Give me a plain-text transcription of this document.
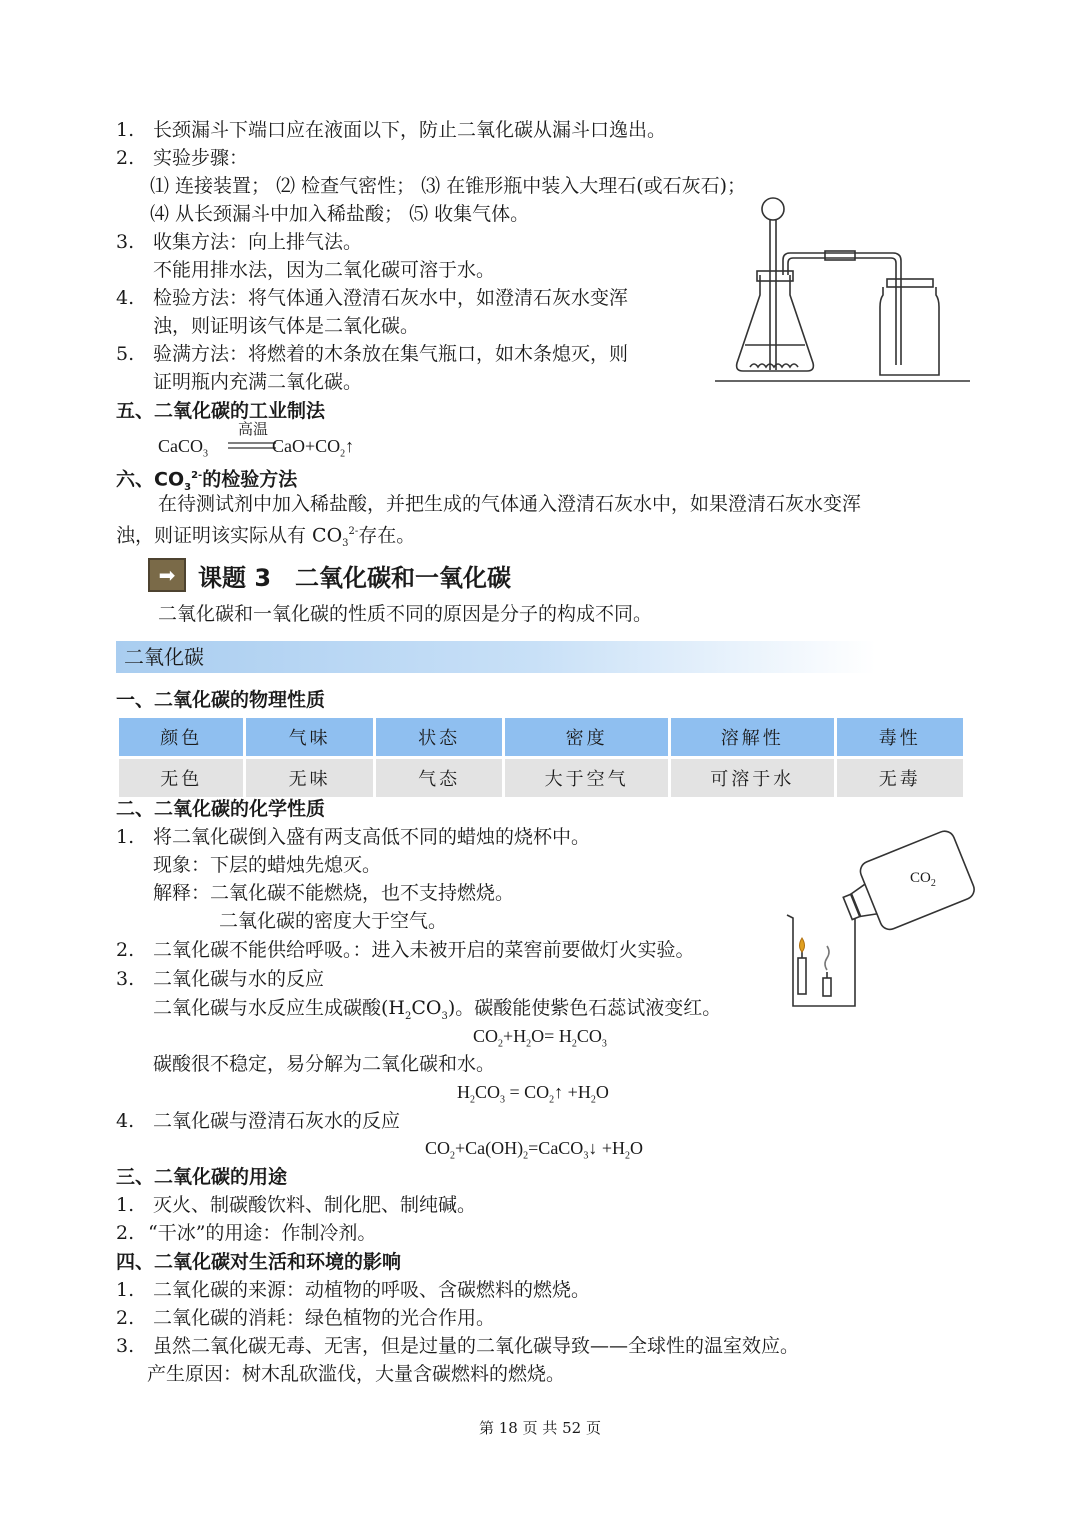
1. 长颈漏斗下端口应在液面以下，防止二氧化碳从漏斗口逸出。
2. 实验步骤：
⑴ 连接装置； ⑵ 检查气密性； ⑶ 在锥形瓶中装入大理石(或石灰石)；
⑷ 从长颈漏斗中加入稀盐酸； ⑸ 收集气体。
3. 收集方法：向上排气法。
不能用排水法，因为二氧化碳可溶于水。
4. 检验方法：将气体通入澄清石灰水中，如澄清石灰水变浑
浊，则证明该气体是二氧化碳。
5. 验满方法：将燃着的木条放在集气瓶口，如木条熄灭，则
证明瓶内充满二氧化碳。
五、二氧化碳的工业制法
CaCO$_3$
高温
$CaO+CO_2↑$
六、$CO_3^{2-}$的检验方法
在待测试剂中加入稀盐酸，并把生成的气体通入澄清石灰水中，如果澄清石灰水变浑
浊，则证明该实际从有 $CO_3^{2-}$存在。
➡ 课题 3　二氧化碳和一氧化碳
二氧化碳和一氧化碳的性质不同的原因是分子的构成不同。
二氧化碳
一、二氧化碳的物理性质
颜色	气味	状态	密度	溶解性	毒性
无色	无味	气态	大于空气	可溶于水	无毒
二、二氧化碳的化学性质
1. 将二氧化碳倒入盛有两支高低不同的蜡烛的烧杯中。
现象：下层的蜡烛先熄灭。
解释：二氧化碳不能燃烧，也不支持燃烧。
二氧化碳的密度大于空气。
2. 二氧化碳不能供给呼吸。：进入未被开启的菜窖前要做灯火实验。
3. 二氧化碳与水的反应
二氧化碳与水反应生成碳酸$(H_2CO_3)$。碳酸能使紫色石蕊试液变红。
$CO_2+H_2O= H_2CO_3$
碳酸很不稳定，易分解为二氧化碳和水。
$H_2CO_3$ = $CO_2↑ +H_2O$
4. 二氧化碳与澄清石灰水的反应
$CO_2+Ca(OH)_2=CaCO_3↓ +H_2O$
$CO_2$
三、二氧化碳的用途
1. 灭火、制碳酸饮料、制化肥、制纯碱。
2. “干冰”的用途：作制冷剂。
四、二氧化碳对生活和环境的影响
1. 二氧化碳的来源：动植物的呼吸、含碳燃料的燃烧。
2. 二氧化碳的消耗：绿色植物的光合作用。
3. 虽然二氧化碳无毒、无害，但是过量的二氧化碳导致——全球性的温室效应。
产生原因：树木乱砍滥伐，大量含碳燃料的燃烧。
第 18 页 共 52 页
